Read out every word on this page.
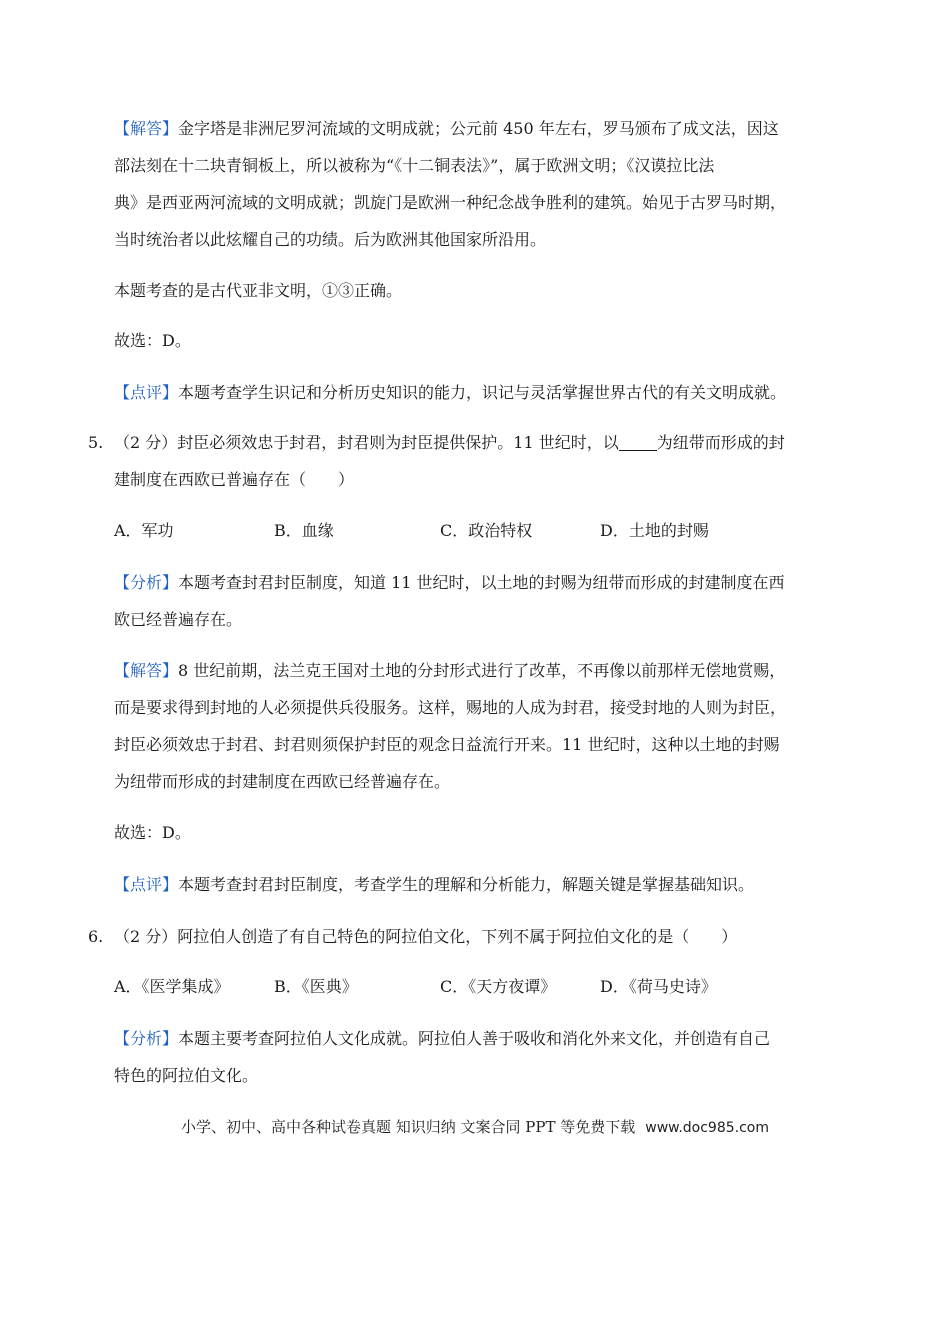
【解答】金字塔是非洲尼罗河流域的文明成就；公元前 450 年左右，罗马颁布了成文法，因这

部法刻在十二块青铜板上，所以被称为“《十二铜表法》”，属于欧洲文明；《汉谟拉比法

典》是西亚两河流域的文明成就；凯旋门是欧洲一种纪念战争胜利的建筑。始见于古罗马时期，

当时统治者以此炫耀自己的功绩。后为欧洲其他国家所沿用。

本题考查的是古代亚非文明，①③正确。

故选：D。

【点评】本题考查学生识记和分析历史知识的能力，识记与灵活掌握世界古代的有关文明成就。

5. （2 分）封臣必须效忠于封君，封君则为封臣提供保护。11 世纪时，以 为纽带而形成的封
建制度在西欧已普遍存在（　　）
A．军功	B．血缘	C．政治特权	D．土地的封赐

【分析】本题考查封君封臣制度，知道 11 世纪时，以土地的封赐为纽带而形成的封建制度在西

欧已经普遍存在。

【解答】8 世纪前期，法兰克王国对土地的分封形式进行了改革，不再像以前那样无偿地赏赐，

而是要求得到封地的人必须提供兵役服务。这样，赐地的人成为封君，接受封地的人则为封臣，

封臣必须效忠于封君、封君则须保护封臣的观念日益流行开来。11 世纪时，这种以土地的封赐

为纽带而形成的封建制度在西欧已经普遍存在。

故选：D。

【点评】本题考查封君封臣制度，考查学生的理解和分析能力，解题关键是掌握基础知识。

6. （2 分）阿拉伯人创造了有自己特色的阿拉伯文化，下列不属于阿拉伯文化的是（　　）
A．《医学集成》	B．《医典》	C．《天方夜谭》	D．《荷马史诗》

【分析】本题主要考查阿拉伯人文化成就。阿拉伯人善于吸收和消化外来文化，并创造有自己

特色的阿拉伯文化。

小学、初中、高中各种试卷真题 知识归纳 文案合同 PPT 等免费下载 www.doc985.com
